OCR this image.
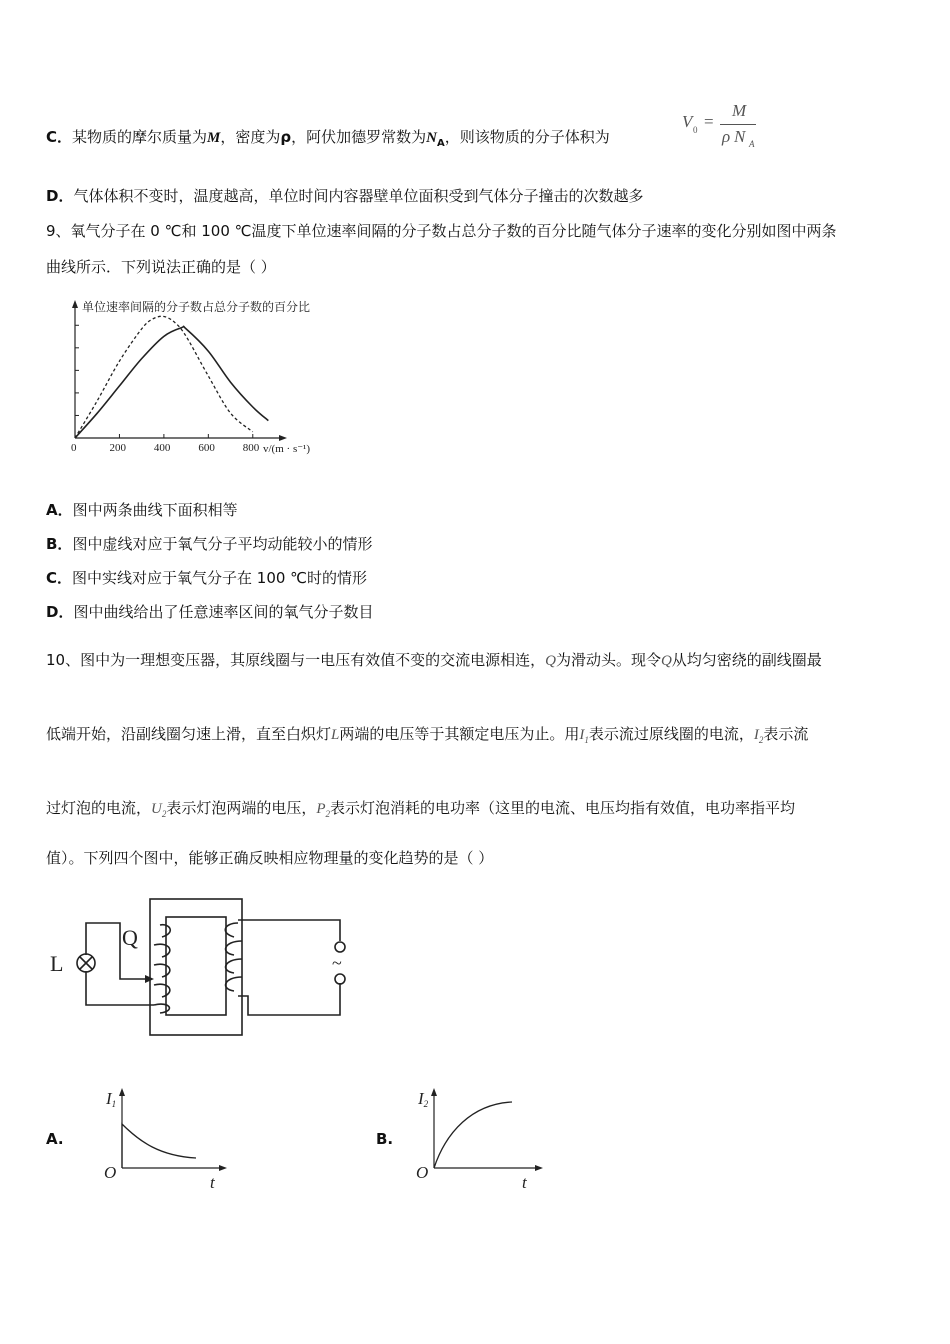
C．某物质的摩尔质量为M，密度为ρ，阿伏加德罗常数为$N_A$，则该物质的分子体积为
V 0 =
M
ρ N A
D．气体体积不变时，温度越高，单位时间内容器壁单位面积受到气体分子撞击的次数越多
9、氧气分子在 0 ℃和 100 ℃温度下单位速率间隔的分子数占总分子数的百分比随气体分子速率的变化分别如图中两条
曲线所示．下列说法正确的是（ ）
单位速率间隔的分子数占总分子数的百分比
0	200	400	600	800 v/(m · s⁻¹)
A．图中两条曲线下面积相等
B．图中虚线对应于氧气分子平均动能较小的情形
C．图中实线对应于氧气分子在 100 ℃时的情形
D．图中曲线给出了任意速率区间的氧气分子数目
10、图中为一理想变压器，其原线圈与一电压有效值不变的交流电源相连，Q为滑动头。现令Q从均匀密绕的副线圈最
低端开始，沿副线圈匀速上滑，直至白炽灯L两端的电压等于其额定电压为止。用$I_1$表示流过原线圈的电流，$I_2$表示流
过灯泡的电流，$U_2$表示灯泡两端的电压，$P_2$表示灯泡消耗的电功率（这里的电流、电压均指有效值，电功率指平均
值）。下列四个图中，能够正确反映相应物理量的变化趋势的是（ ）
L
Q
~
A.
I1
O
t
B.
I2
O
t
